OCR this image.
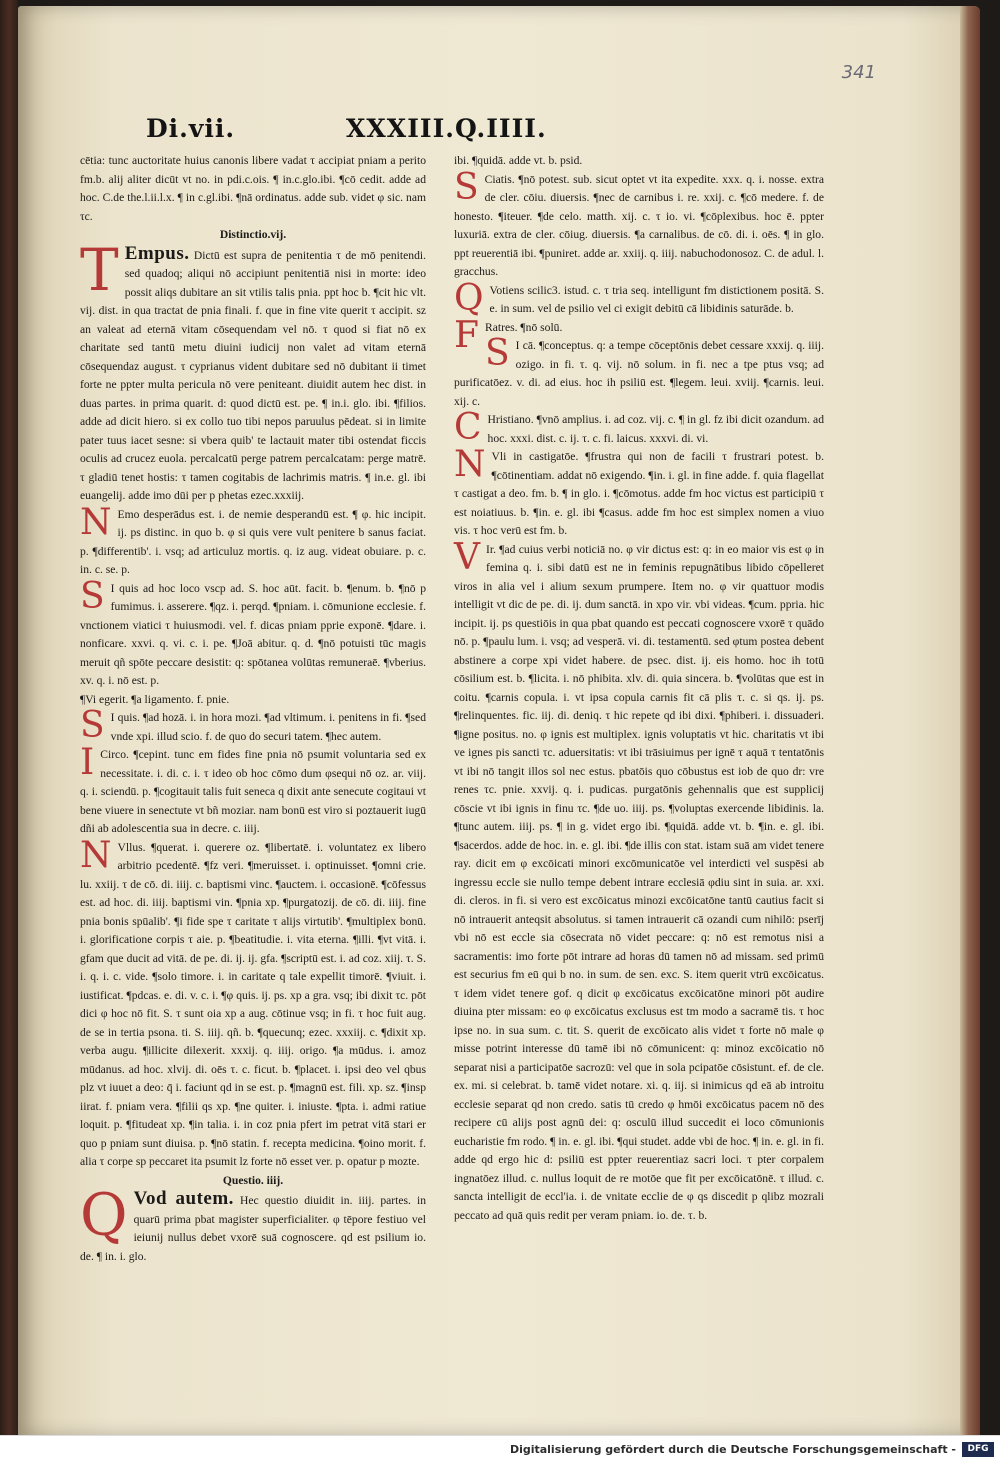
341
Di.vii.	XXXIII.Q.IIII.

cētia: tunc auctoritate huius canonis libere vadat τ accipiat pniam a perito fm.b. alij aliter dicūt vt no. in pdi.c.ois. ¶ in.c.glo.ibi. ¶cō cedit. adde ad hoc. C.de the.l.ii.l.x. ¶ in c.gl.ibi. ¶nā ordinatus. adde sub. videt φ sic. nam τc.

Distinctio.vij.

T Empus. Dictū est supra de penitentia τ de mō penitendi. sed quadoq; aliqui nō accipiunt penitentiā nisi in morte: ideo possit aliqs dubitare an sit vtilis talis pnia. ppt hoc b. ¶cit hic vlt. vij. dist. in qua tractat de pnia finali. f. que in fine vite querit τ accipit. sz an valeat ad eternā vitam cōsequendam vel nō. τ quod si fiat nō ex charitate sed tantū metu diuini iudicij non valet ad vitam eternā cōsequendaz august. τ cyprianus vident dubitare sed nō dubitant ii timet forte ne ppter multa pericula nō vere peniteant. diuidit autem hec dist. in duas partes. in prima quarit. d: quod dictū est. pe. ¶ in.i. glo. ibi. ¶filios. adde ad dicit hiero. si ex collo tuo tibi nepos paruulus pēdeat. si in limite pater tuus iacet sesne: si vbera quib' te lactauit mater tibi ostendat ficcis oculis ad crucez euola. percalcatū perge patrem percalcatam: perge matrē. τ gladiū tenet hostis: τ tamen cogitabis de lachrimis matris. ¶ in.e. gl. ibi euangelij. adde imo dūi per p phetas ezec.xxxiij.

N Emo desperādus est. i. de nemie desperandū est. ¶ φ. hic incipit. ij. ps distinc. in quo b. φ si quis vere vult penitere b sanus faciat. p. ¶differentib'. i. vsq; ad articuluz mortis. q. iz aug. videat obuiare. p. c. in. c. se. p.

S I quis ad hoc loco vscp ad. S. hoc aūt. facit. b. ¶enum. b. ¶nō p fumimus. i. asserere. ¶qz. i. perqd. ¶pniam. i. cōmunione ecclesie. f. vnctionem viatici τ huiusmodi. vel. f. dicas pniam pprie exponē. ¶dare. i. nonficare. xxvi. q. vi. c. i. pe. ¶Joā abitur. q. d. ¶nō potuisti tūc magis meruit qñ spōte peccare desistit: q: spōtanea volūtas remuneraē. ¶vberius. xv. q. i. nō est. p.

¶Vi egerit. ¶a ligamento. f. pnie.

S I quis. ¶ad hozā. i. in hora mozi. ¶ad vltimum. i. penitens in fi. ¶sed vnde xpi. illud scio. f. de quo do securi tatem. ¶hec autem.

I Circo. ¶cepint. tunc em fides fine pnia nō psumit voluntaria sed ex necessitate. i. di. c. i. τ ideo ob hoc cōmo dum φsequi nō oz. ar. viij. q. i. sciendū. p. ¶cogitauit talis fuit seneca q dixit ante senecute cogitaui vt bene viuere in senectute vt bñ moziar. nam bonū est viro si poztauerit iugū dñi ab adolescentia sua in decre. c. iiij.

N Vllus. ¶querat. i. querere oz. ¶libertatē. i. voluntatez ex libero arbitrio pcedentē. ¶fz veri. ¶meruisset. i. optinuisset. ¶omni crie. lu. xxiij. τ de cō. di. iiij. c. baptismi vinc. ¶auctem. i. occasionē. ¶cōfessus est. ad hoc. di. iiij. baptismi vin. ¶pnia xp. ¶purgatozij. de cō. di. iiij. fine pnia bonis spūalib'. ¶i fide spe τ caritate τ alijs virtutib'. ¶multiplex bonū. i. glorificatione corpis τ aie. p. ¶beatitudie. i. vita eterna. ¶illi. ¶vt vitā. i. gfam que ducit ad vitā. de pe. di. ij. ij. gfa. ¶scriptū est. i. ad coz. xiij. τ. S. i. q. i. c. vide. ¶solo timore. i. in caritate q tale expellit timorē. ¶viuit. i. iustificat. ¶pdcas. e. di. v. c. i. ¶φ quis. ij. ps. xp a gra. vsq; ibi dixit τc. pōt dici φ hoc nō fit. S. τ sunt oia xp a aug. cōtinue vsq; in fi. τ hoc fuit aug. de se in tertia psona. ti. S. iiij. qñ. b. ¶quecunq; ezec. xxxiij. c. ¶dixit xp. verba augu. ¶illicite dilexerit. xxxij. q. iiij. origo. ¶a mūdus. i. amoz mūdanus. ad hoc. xlvij. di. oēs τ. c. ficut. b. ¶placet. i. ipsi deo vel qbus plz vt iuuet a deo: q̄ i. faciunt qd in se est. p. ¶magnū est. fili. xp. sz. ¶insp iirat. f. pniam vera. ¶filii qs xp. ¶ne quiter. i. iniuste. ¶pta. i. admi ratiue loquit. p. ¶fitudeat xp. ¶in talia. i. in coz pnia pfert im petrat vitā stari er quo p pniam sunt diuisa. p. ¶nō statin. f. recepta medicina. ¶oino morit. f. alia τ corpe sp peccaret ita psumit lz forte nō esset ver. p. opatur p mozte.

Questio. iiij.

Q Vod autem. Hec questio diuidit in. iiij. partes. in quarū prima pbat magister superficialiter. φ tēpore festiuo vel ieiunij nullus debet vxorē suā cognoscere. qd est psilium io. de. ¶ in. i. glo.

ibi. ¶quidā. adde vt. b. psid.

S Ciatis. ¶nō potest. sub. sicut optet vt ita expedite. xxx. q. i. nosse. extra de cler. cōiu. diuersis. ¶nec de carnibus i. re. xxij. c. ¶cō medere. f. de honesto. ¶iteuer. ¶de celo. matth. xij. c. τ io. vi. ¶cōplexibus. hoc ē. ppter luxuriā. extra de cler. cōiug. diuersis. ¶a carnalibus. de cō. di. i. oēs. ¶ in glo. ppt reuerentiā ibi. ¶puniret. adde ar. xxiij. q. iiij. nabuchodonosoz. C. de adul. l. gracchus.

Q Votiens scilic3. istud. c. τ tria seq. intelligunt fm distictionem positā. S. e. in sum. vel de psilio vel ci exigit debitū cā libidinis saturāde. b.

F Ratres. ¶nō solū.

S I cā. ¶conceptus. q: a tempe cōceptōnis debet cessare xxxij. q. iiij. ozigo. in fi. τ. q. vij. nō solum. in fi. nec a tpe ptus vsq; ad purificatōez. v. di. ad eius. hoc ih psiliū est. ¶legem. leui. xviij. ¶carnis. leui. xij. c.

C Hristiano. ¶vnō amplius. i. ad coz. vij. c. ¶ in gl. fz ibi dicit ozandum. ad hoc. xxxi. dist. c. ij. τ. c. fi. laicus. xxxvi. di. vi.

N Vli in castigatōe. ¶frustra qui non de facili τ frustrari potest. b. ¶cōtinentiam. addat nō exigendo. ¶in. i. gl. in fine adde. f. quia flagellat τ castigat a deo. fm. b. ¶ in glo. i. ¶cōmotus. adde fm hoc victus est participiū τ est noiatiuus. b. ¶in. e. gl. ibi ¶casus. adde fm hoc est simplex nomen a viuo vis. τ hoc verū est fm. b.

V Ir. ¶ad cuius verbi noticiā no. φ vir dictus est: q: in eo maior vis est φ in femina q. i. sibi datū est ne in feminis repugnātibus libido cōpelleret viros in alia vel i alium sexum prumpere. Item no. φ vir quattuor modis intelligit vt dic de pe. di. ij. dum sanctā. in xpo vir. vbi videas. ¶cum. ppria. hic incipit. ij. ps questiōis in qua pbat quando est peccati cognoscere vxorē τ quādo nō. p. ¶paulu lum. i. vsq; ad vesperā. vi. di. testamentū. sed φtum postea debent abstinere a corpe xpi videt habere. de psec. dist. ij. eis homo. hoc ih totū cōsilium est. b. ¶licita. i. nō phibita. xlv. di. quia sincera. b. ¶volūtas que est in coitu. ¶carnis copula. i. vt ipsa copula carnis fit cā plis τ. c. si qs. ij. ps. ¶relinquentes. fic. iij. di. deniq. τ hic repete qd ibi dixi. ¶phiberi. i. dissuaderi. ¶igne positus. no. φ ignis est multiplex. ignis voluptatis vt hic. charitatis vt ibi ve ignes pis sancti τc. aduersitatis: vt ibi trāsiuimus per ignē τ aquā τ tentatōnis vt ibi nō tangit illos sol nec estus. pbatōis quo cōbustus est iob de quo dr: vre renes τc. pnie. xxvij. q. i. pudicas. purgatōnis gehennalis que est supplicij cōscie vt ibi ignis in finu τc. ¶de uo. iiij. ps. ¶voluptas exercende libidinis. la. ¶tunc autem. iiij. ps. ¶ in g. videt ergo ibi. ¶quidā. adde vt. b. ¶in. e. gl. ibi. ¶sacerdos. adde de hoc. in. e. gl. ibi. ¶de illis con stat. istam suā am videt tenere ray. dicit em φ excōicati minori excōmunicatōe vel interdicti vel suspēsi ab ingressu eccle sie nullo tempe debent intrare ecclesiā φdiu sint in suia. ar. xxi. di. cleros. in fi. si vero est excōicatus minozi excōicatōne tantū cautius facit si nō intrauerit anteqsit absolutus. si tamen intrauerit cā ozandi cum nihilō: pserīj vbi nō est eccle sia cōsecrata nō videt peccare: q: nō est remotus nisi a sacramentis: imo forte pōt intrare ad horas dū tamen nō ad missam. sed primū est securius fm eū qui b no. in sum. de sen. exc. S. item querit vtrū excōicatus. τ idem videt tenere gof. q dicit φ excōicatus excōicatōne minori pōt audire diuina pter missam: eo φ excōicatus exclusus est tm modo a sacramē tis. τ hoc ipse no. in sua sum. c. tit. S. querit de excōicato alis videt τ forte nō male φ misse potrint interesse dū tamē ibi nō cōmunicent: q: minoz excōicatio nō separat nisi a participatōe sacrozū: vel que in sola pcipatōe cōsistunt. ef. de cle. ex. mi. si celebrat. b. tamē videt notare. xi. q. iij. si inimicus qd eā ab introitu ecclesie separat qd non credo. satis tū credo φ hmōi excōicatus pacem nō des recipere cū alijs post agnū dei: q: osculū illud succedit ei loco cōmunionis eucharistie fm rodo. ¶ in. e. gl. ibi. ¶qui studet. adde vbi de hoc. ¶ in. e. gl. in fi. adde qd ergo hic d: psiliū est ppter reuerentiaz sacri loci. τ pter corpalem ingnatōez illud. c. nullus loquit de re motōe que fit per excōicatōnē. τ illud. c. sancta intelligit de eccl'ia. i. de vnitate ecclie de φ qs discedit p qlibz mozrali peccato ad quā quis redit per veram pniam. io. de. τ. b.

Digitalisierung gefördert durch die Deutsche Forschungsgemeinschaft -	DFG
